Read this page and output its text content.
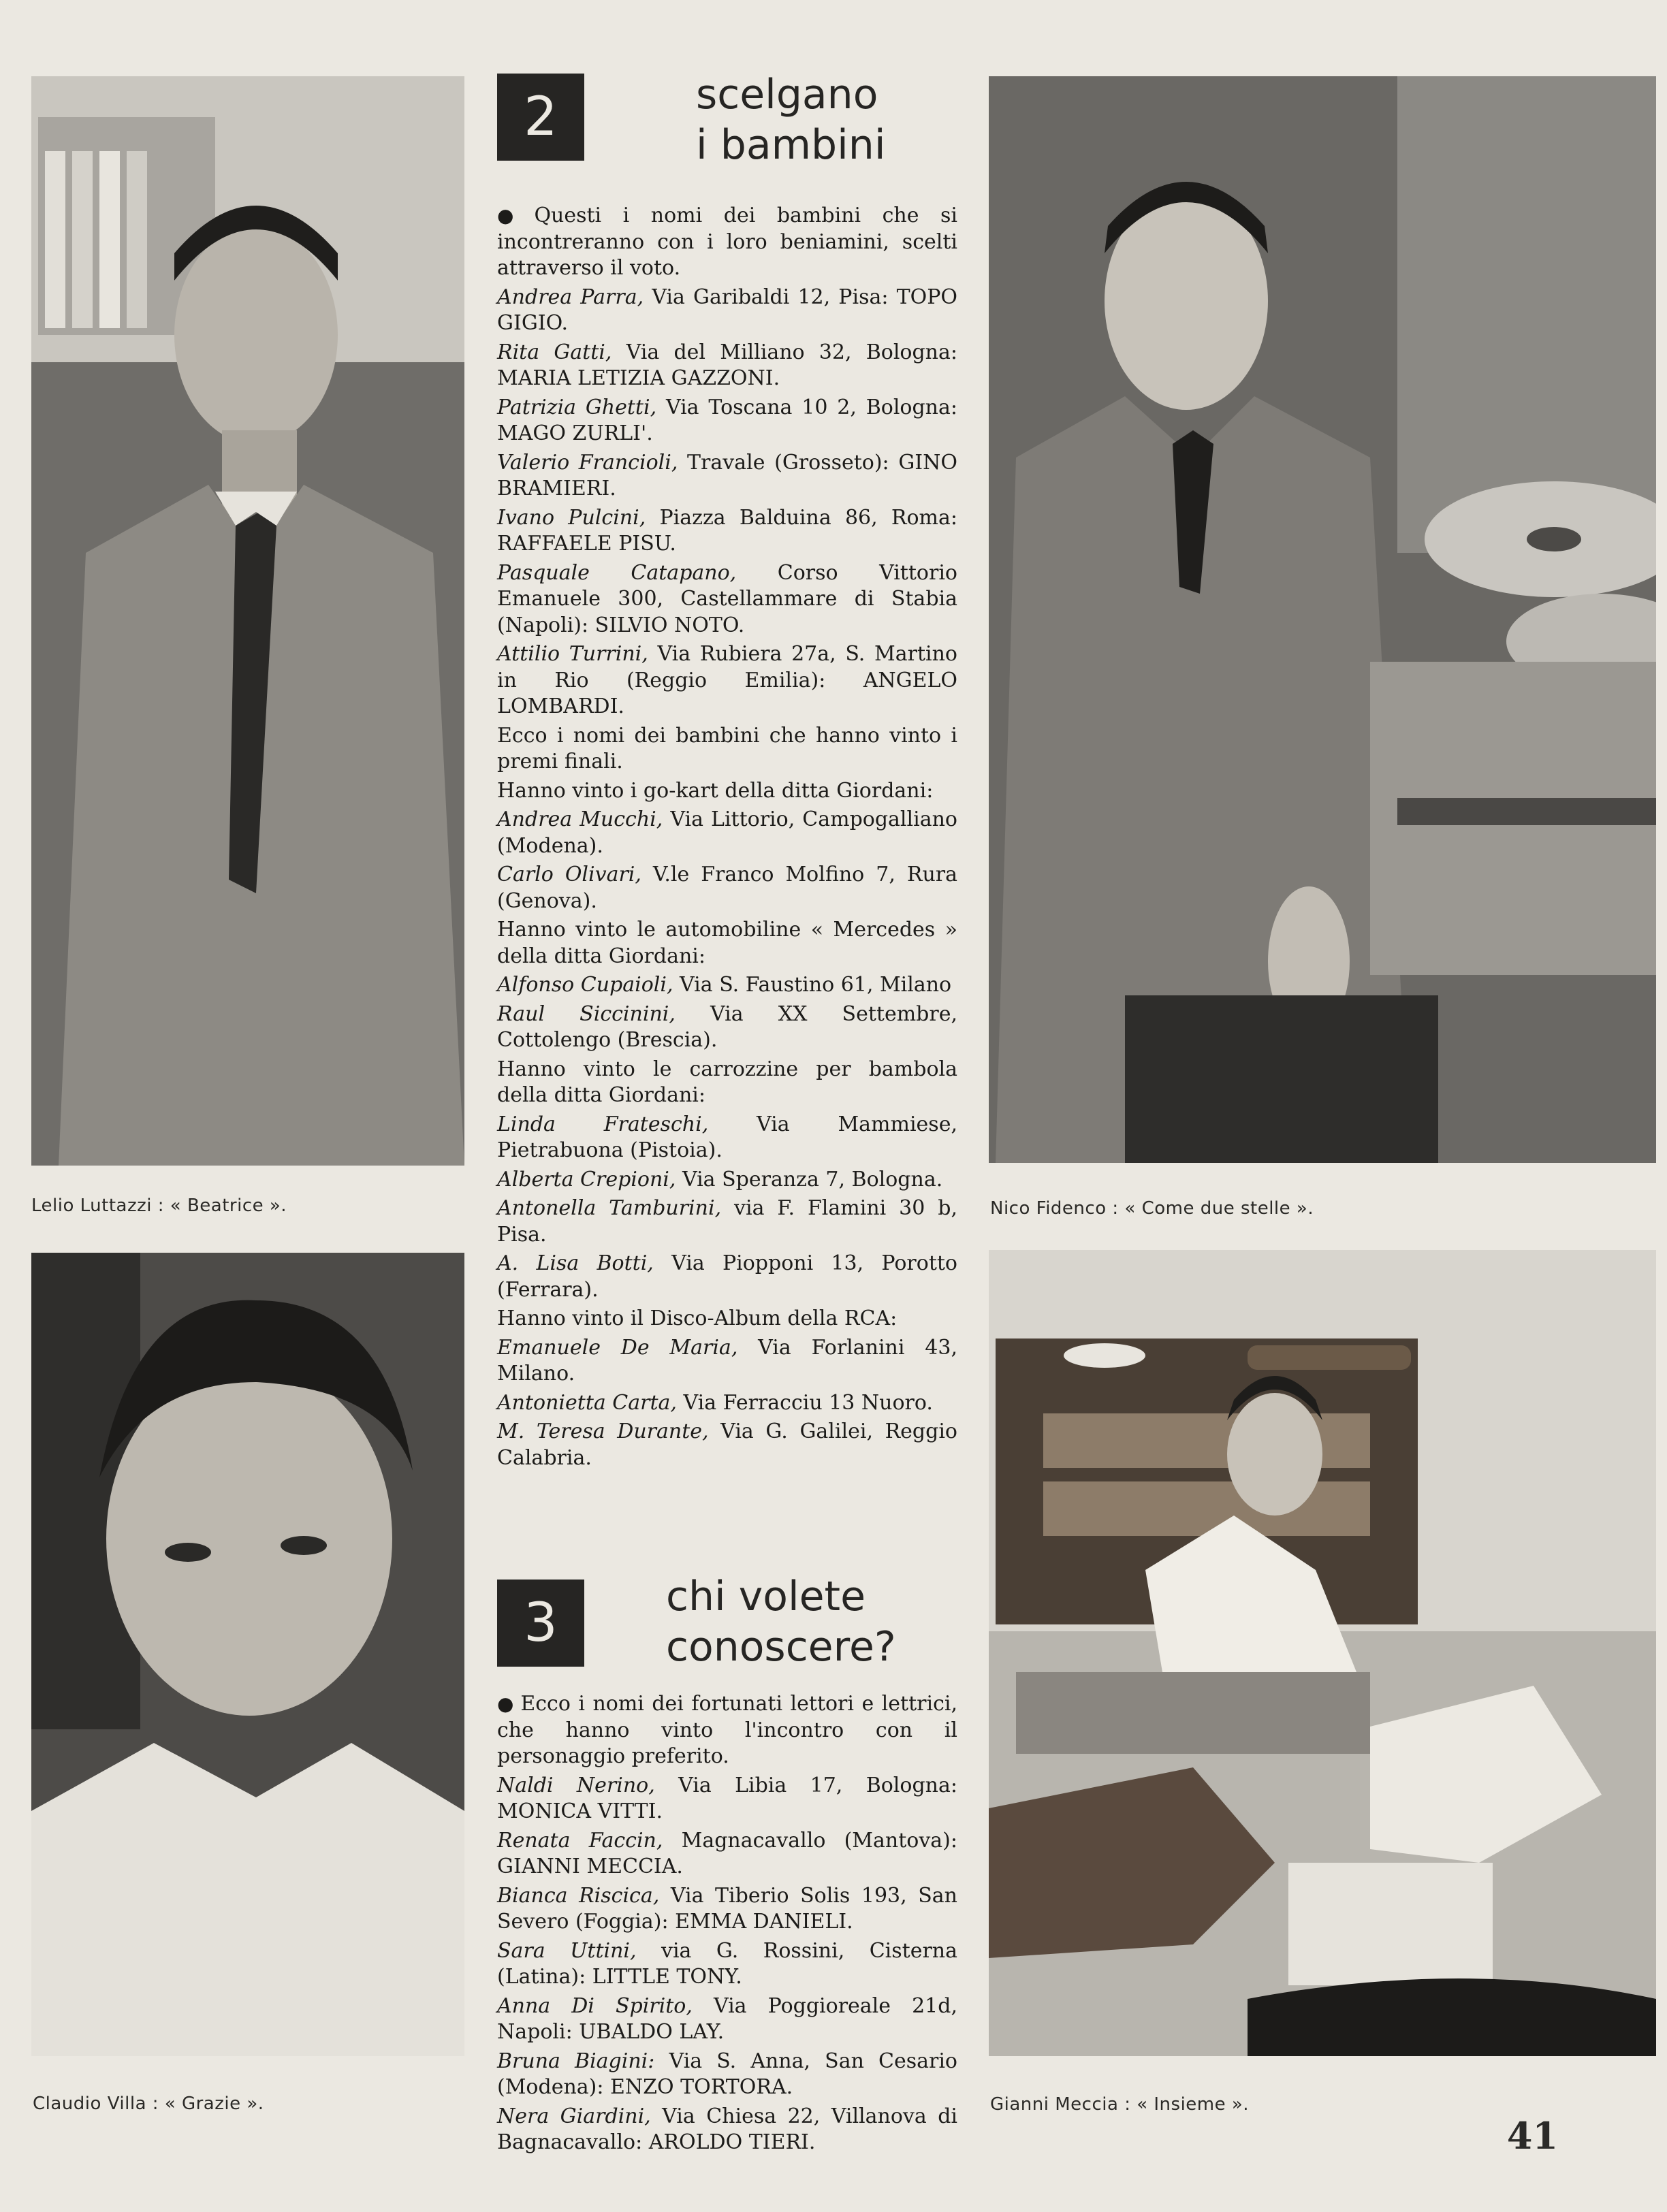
Lelio Luttazzi : « Beatrice ».	Nico Fidenco : « Come due stelle ».
Claudio Villa : « Grazie ».	Gianni Meccia : « Insieme ».
2	scelgano
i bambini

● Questi i nomi dei bambini che si incontreranno con i loro beniamini, scelti attraverso il voto.

Andrea Parra, Via Garibaldi 12, Pisa: TOPO GIGIO.

Rita Gatti, Via del Milliano 32, Bologna: MARIA LETIZIA GAZZONI.

Patrizia Ghetti, Via Toscana 10 2, Bologna: MAGO ZURLI'.

Valerio Francioli, Travale (Grosseto): GINO BRAMIERI.

Ivano Pulcini, Piazza Balduina 86, Roma: RAFFAELE PISU.

Pasquale Catapano, Corso Vittorio Emanuele 300, Castellammare di Stabia (Napoli): SILVIO NOTO.

Attilio Turrini, Via Rubiera 27a, S. Martino in Rio (Reggio Emilia): ANGELO LOMBARDI.

Ecco i nomi dei bambini che hanno vinto i premi finali.

Hanno vinto i go-kart della ditta Giordani:

Andrea Mucchi, Via Littorio, Campogalliano (Modena).

Carlo Olivari, V.le Franco Molfino 7, Rura (Genova).

Hanno vinto le automobiline « Mercedes » della ditta Giordani:

Alfonso Cupaioli, Via S. Faustino 61, Milano

Raul Siccinini, Via XX Settembre, Cottolengo (Brescia).

Hanno vinto le carrozzine per bambola della ditta Giordani:

Linda Frateschi, Via Mammiese, Pietrabuona (Pistoia).

Alberta Crepioni, Via Speranza 7, Bologna.

Antonella Tamburini, via F. Flamini 30 b, Pisa.

A. Lisa Botti, Via Piopponi 13, Porotto (Ferrara).

Hanno vinto il Disco-Album della RCA:

Emanuele De Maria, Via Forlanini 43, Milano.

Antonietta Carta, Via Ferracciu 13 Nuoro.

M. Teresa Durante, Via G. Galilei, Reggio Calabria.

3	chi volete
conoscere?

● Ecco i nomi dei fortunati lettori e lettrici, che hanno vinto l'incontro con il personaggio preferito.

Naldi Nerino, Via Libia 17, Bologna: MONICA VITTI.

Renata Faccin, Magnacavallo (Mantova): GIANNI MECCIA.

Bianca Riscica, Via Tiberio Solis 193, San Severo (Foggia): EMMA DANIELI.

Sara Uttini, via G. Rossini, Cisterna (Latina): LITTLE TONY.

Anna Di Spirito, Via Poggioreale 21d, Napoli: UBALDO LAY.

Bruna Biagini: Via S. Anna, San Cesario (Modena): ENZO TORTORA.

Nera Giardini, Via Chiesa 22, Villanova di Bagnacavallo: AROLDO TIERI.	41
